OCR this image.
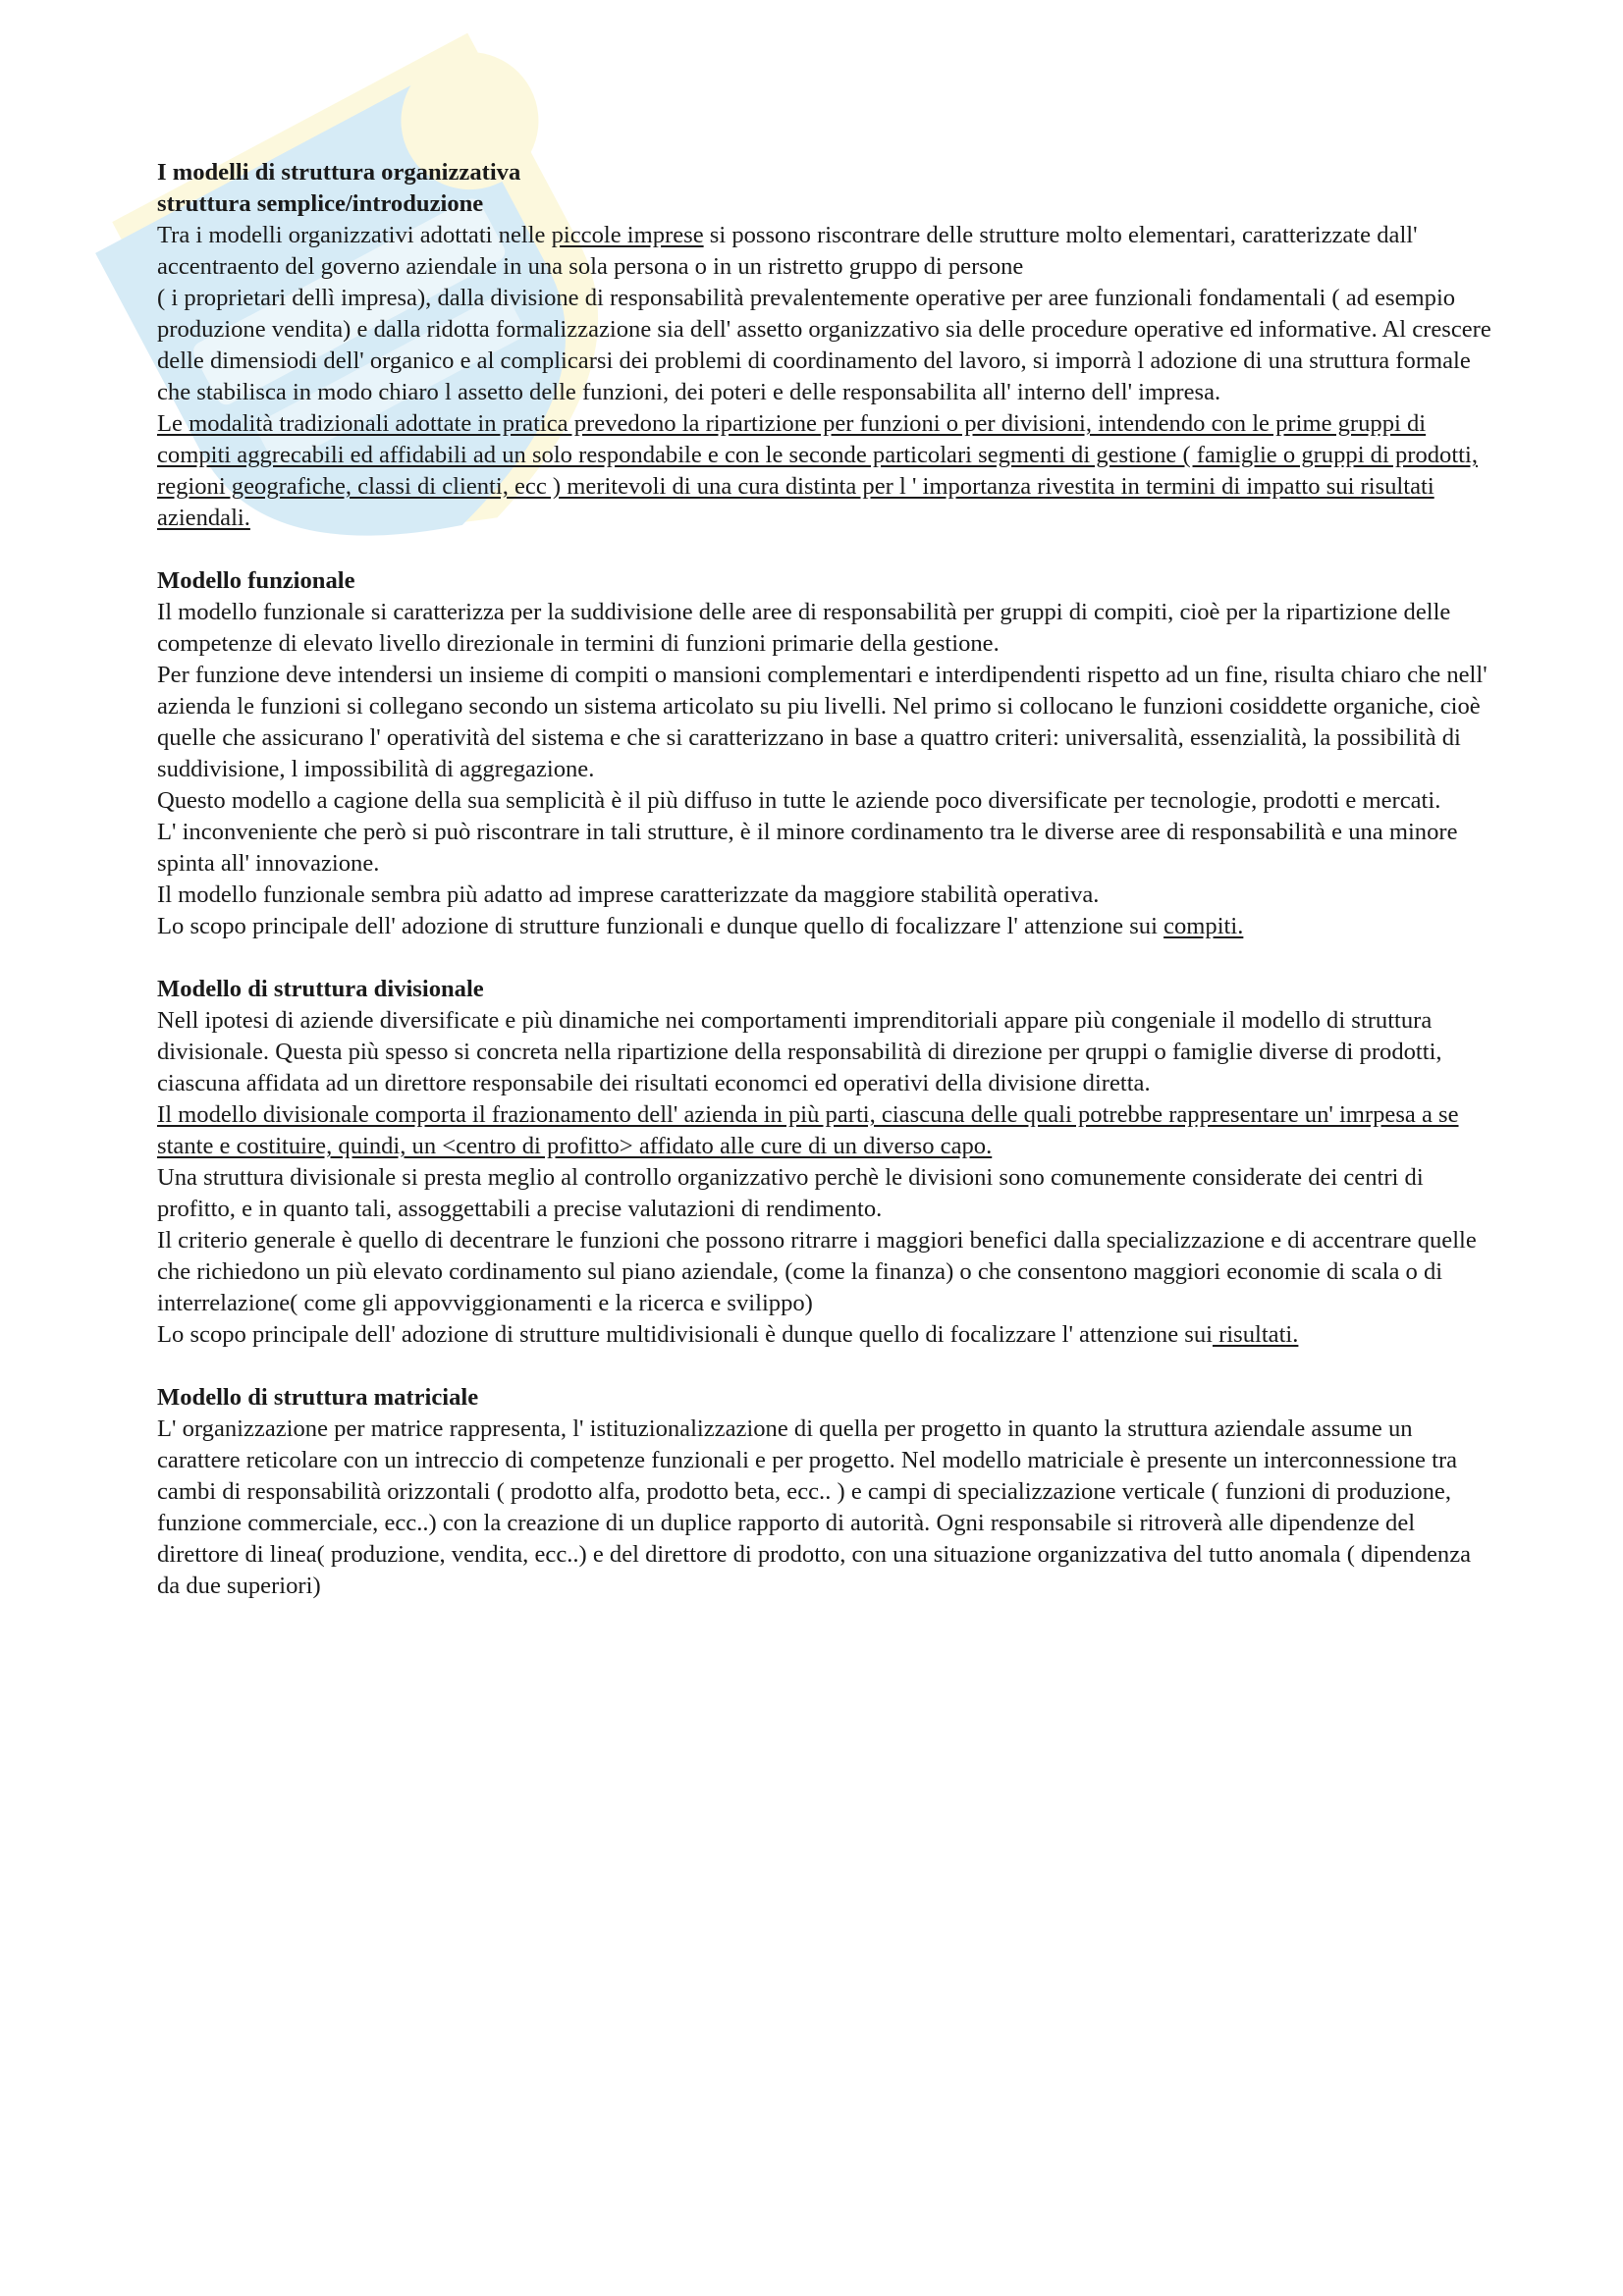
I modelli di struttura organizzativa
struttura semplice/introduzione
Tra i modelli organizzativi adottati nelle piccole imprese si possono riscontrare delle strutture molto elementari, caratterizzate dall' accentraento del governo aziendale in una sola persona o in un ristretto gruppo di persone
( i proprietari dellì impresa), dalla divisione di responsabilità prevalentemente operative per aree funzionali fondamentali ( ad esempio produzione vendita) e dalla ridotta formalizzazione sia dell' assetto organizzativo sia delle procedure operative ed informative. Al crescere delle dimensiodi dell' organico e al complicarsi dei problemi di coordinamento del lavoro, si imporrà l adozione di una struttura formale che stabilisca in modo chiaro l assetto delle funzioni, dei poteri e delle responsabilita all' interno dell' impresa.
Le modalità tradizionali adottate in pratica prevedono la ripartizione per funzioni o per divisioni, intendendo con le prime gruppi di compiti aggrecabili ed affidabili ad un solo respondabile e con le seconde particolari segmenti di gestione ( famiglie o gruppi di prodotti, regioni geografiche, classi di clienti, ecc ) meritevoli di una cura distinta per l ' importanza rivestita in termini di impatto sui risultati aziendali.
Modello funzionale
Il modello funzionale si caratterizza per la suddivisione delle aree di responsabilità per gruppi di compiti, cioè per la ripartizione delle competenze di elevato livello direzionale in termini di funzioni primarie della gestione.
Per funzione deve intendersi un insieme di compiti o mansioni complementari e interdipendenti rispetto ad un fine, risulta chiaro che nell' azienda le funzioni si collegano secondo un sistema articolato su piu livelli. Nel primo si collocano le funzioni cosiddette organiche, cioè quelle che assicurano l' operatività del sistema e che si caratterizzano in base a quattro criteri: universalità, essenzialità, la possibilità di suddivisione, l impossibilità di aggregazione.
Questo modello a cagione della sua semplicità è il più diffuso in tutte le aziende poco diversificate per tecnologie, prodotti e mercati.
L' inconveniente che però si può riscontrare in tali strutture, è il minore cordinamento tra le diverse aree di responsabilità e una minore spinta all' innovazione.
Il modello funzionale sembra più adatto ad imprese caratterizzate da maggiore stabilità operativa.
Lo scopo principale dell' adozione di strutture funzionali e dunque quello di focalizzare l' attenzione sui compiti.
Modello di struttura divisionale
Nell ipotesi di aziende diversificate e più dinamiche nei comportamenti imprenditoriali appare più congeniale il modello di struttura divisionale. Questa più spesso si concreta nella ripartizione della responsabilità di direzione per qruppi o famiglie diverse di prodotti, ciascuna affidata ad un direttore responsabile dei risultati economci ed operativi della divisione diretta.
Il modello divisionale comporta il frazionamento dell' azienda in più parti, ciascuna delle quali potrebbe rappresentare un' imrpesa a se stante e costituire, quindi, un <centro di profitto> affidato alle cure di un diverso capo.
Una struttura divisionale si presta meglio al controllo organizzativo perchè le divisioni sono comunemente considerate dei centri di profitto, e in quanto tali, assoggettabili a precise valutazioni di rendimento.
Il criterio generale è quello di decentrare le funzioni che possono ritrarre i maggiori benefici dalla specializzazione e di accentrare quelle che richiedono un più elevato cordinamento sul piano aziendale, (come la finanza) o che consentono maggiori economie di scala o di interrelazione( come gli appovviggionamenti e la ricerca e svilippo)
Lo scopo principale dell' adozione di strutture multidivisionali è dunque quello di focalizzare l' attenzione sui risultati.
Modello di struttura matriciale
L' organizzazione per matrice rappresenta, l' istituzionalizzazione di quella per progetto in quanto la struttura aziendale assume un carattere reticolare con un intreccio di competenze funzionali e per progetto. Nel modello matriciale è presente un interconnessione tra cambi di responsabilità orizzontali ( prodotto alfa, prodotto beta, ecc.. ) e campi di specializzazione verticale ( funzioni di produzione, funzione commerciale, ecc..) con la creazione di un duplice rapporto di autorità. Ogni responsabile si ritroverà alle dipendenze del direttore di linea( produzione, vendita, ecc..) e del direttore di prodotto, con una situazione organizzativa del tutto anomala ( dipendenza da due superiori)
